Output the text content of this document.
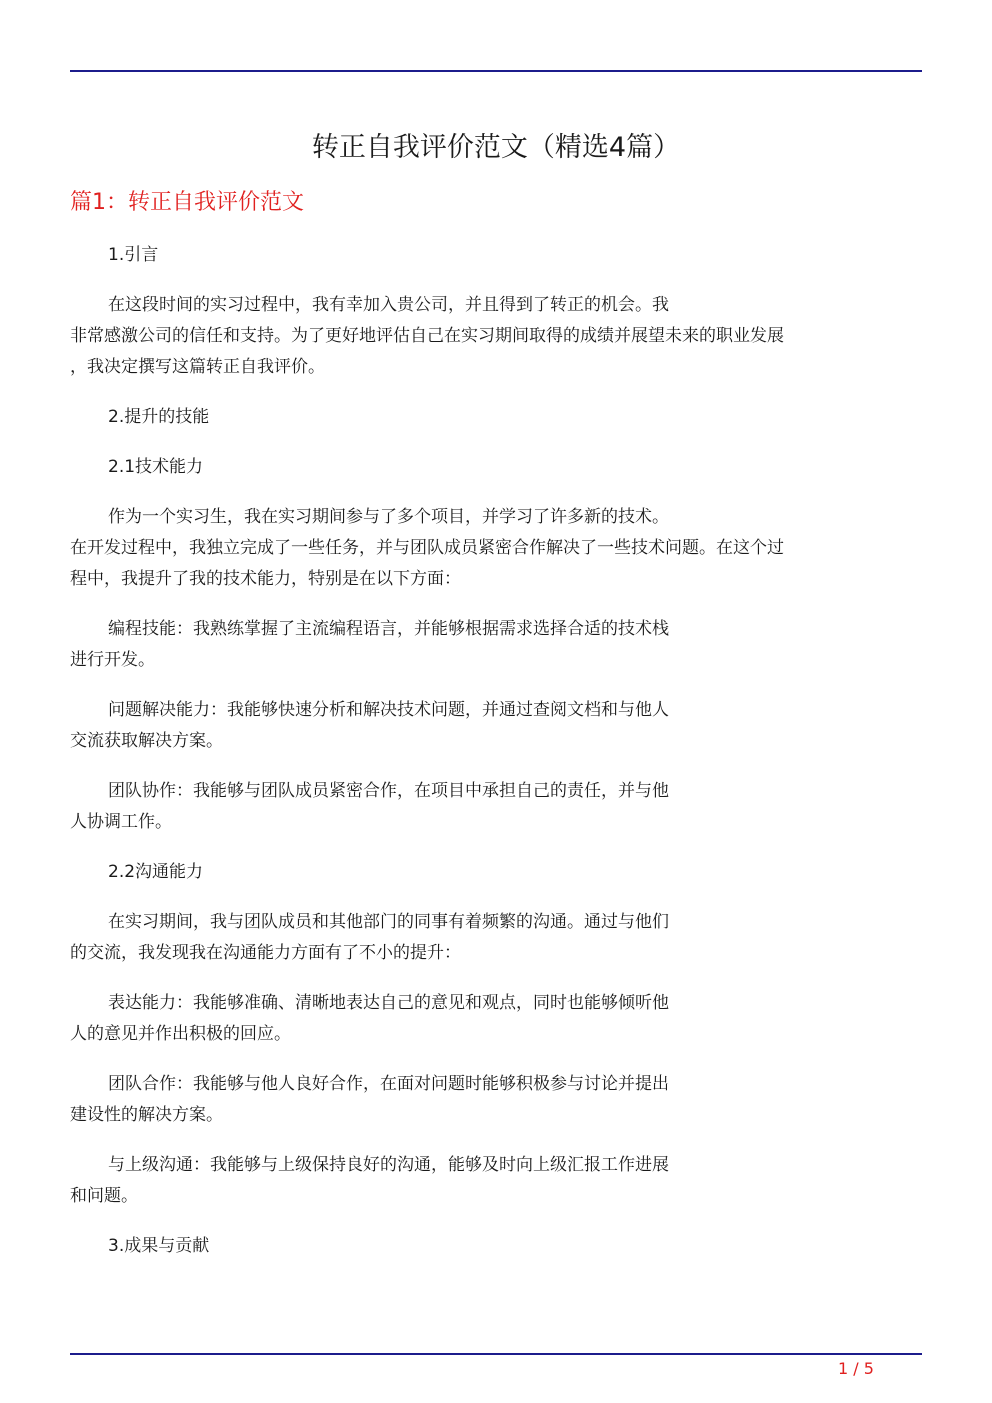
转正自我评价范文（精选4篇）
篇1：转正自我评价范文
1.引言
在这段时间的实习过程中，我有幸加入贵公司，并且得到了转正的机会。我
非常感激公司的信任和支持。为了更好地评估自己在实习期间取得的成绩并展望未来的职业发展
，我决定撰写这篇转正自我评价。
2.提升的技能
2.1技术能力
作为一个实习生，我在实习期间参与了多个项目，并学习了许多新的技术。
在开发过程中，我独立完成了一些任务，并与团队成员紧密合作解决了一些技术问题。在这个过
程中，我提升了我的技术能力，特别是在以下方面：
编程技能：我熟练掌握了主流编程语言，并能够根据需求选择合适的技术栈
进行开发。
问题解决能力：我能够快速分析和解决技术问题，并通过查阅文档和与他人
交流获取解决方案。
团队协作：我能够与团队成员紧密合作，在项目中承担自己的责任，并与他
人协调工作。
2.2沟通能力
在实习期间，我与团队成员和其他部门的同事有着频繁的沟通。通过与他们
的交流，我发现我在沟通能力方面有了不小的提升：
表达能力：我能够准确、清晰地表达自己的意见和观点，同时也能够倾听他
人的意见并作出积极的回应。
团队合作：我能够与他人良好合作，在面对问题时能够积极参与讨论并提出
建设性的解决方案。
与上级沟通：我能够与上级保持良好的沟通，能够及时向上级汇报工作进展
和问题。
3.成果与贡献
1 / 5
